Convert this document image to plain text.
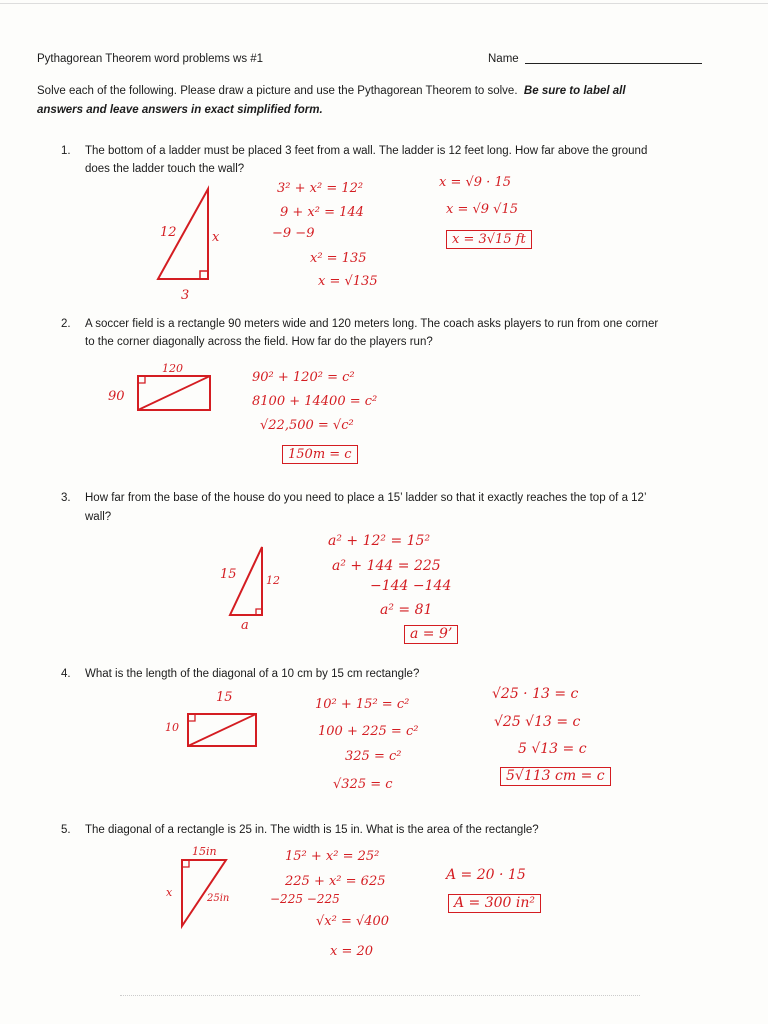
Pythagorean Theorem word problems ws #1	Name
Solve each of the following. Please draw a picture and use the Pythagorean Theorem to solve. Be sure to label all
answers and leave answers in exact simplified form.
1. The bottom of a ladder must be placed 3 feet from a wall. The ladder is 12 feet long. How far above the ground
does the ladder touch the wall?
12	x
3
3² + x² = 12²
9 + x² = 144
−9 −9
x² = 135
x = √135
x = √9 · 15
x = √9 √15
x = 3√15 ft
2. A soccer field is a rectangle 90 meters wide and 120 meters long. The coach asks players to run from one corner
to the corner diagonally across the field. How far do the players run?
120
90
90² + 120² = c²
8100 + 14400 = c²
√22,500 = √c²
150m = c
3. How far from the base of the house do you need to place a 15’ ladder so that it exactly reaches the top of a 12’
wall?
15	12
a
a² + 12² = 15²
a² + 144 = 225
−144 −144
a² = 81
a = 9’
4. What is the length of the diagonal of a 10 cm by 15 cm rectangle?
15
10
10² + 15² = c²
100 + 225 = c²
325 = c²
√325 = c
√25 · 13 = c
√25 √13 = c
5 √13 = c
5√113 cm = c
5. The diagonal of a rectangle is 25 in. The width is 15 in. What is the area of the rectangle?
15in
25in
x
15² + x² = 25²
225 + x² = 625
−225 −225
√x² = √400
x = 20
A = 20 · 15
A = 300 in²
